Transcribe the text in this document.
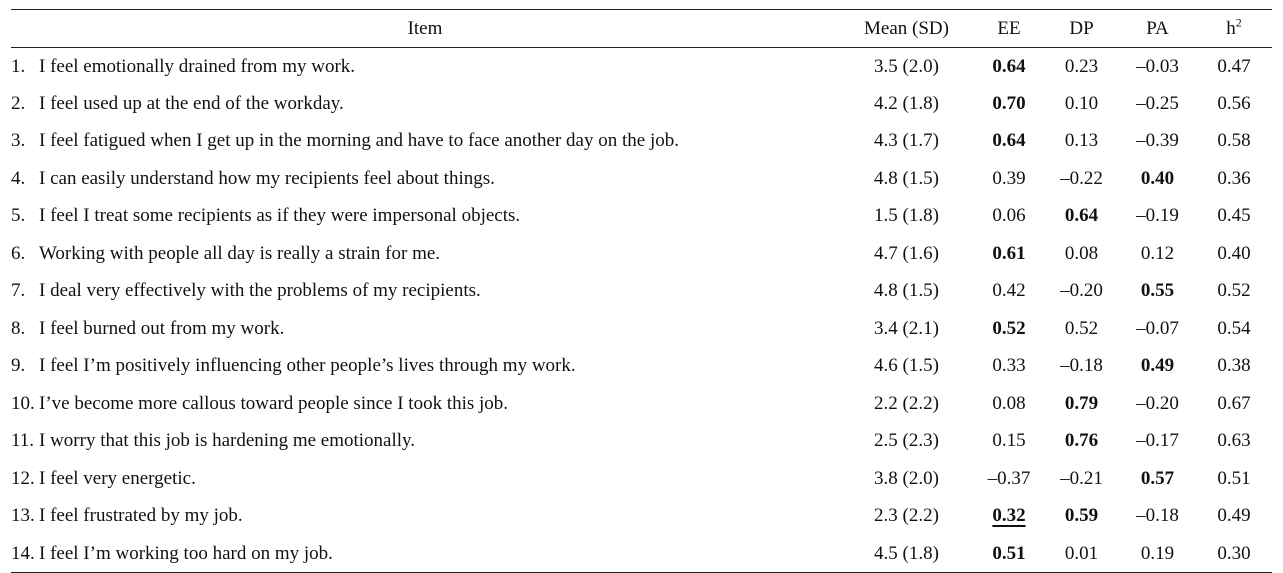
Item	Mean (SD)	EE	DP	PA	$h^2$
1. I feel emotionally drained from my work.	3.5 (2.0)	0.64	0.23	–0.03	0.47
2. I feel used up at the end of the workday.	4.2 (1.8)	0.70	0.10	–0.25	0.56
3. I feel fatigued when I get up in the morning and have to face another day on the job.	4.3 (1.7)	0.64	0.13	–0.39	0.58
4. I can easily understand how my recipients feel about things.	4.8 (1.5)	0.39	–0.22	0.40	0.36
5. I feel I treat some recipients as if they were impersonal objects.	1.5 (1.8)	0.06	0.64	–0.19	0.45
6. Working with people all day is really a strain for me.	4.7 (1.6)	0.61	0.08	0.12	0.40
7. I deal very effectively with the problems of my recipients.	4.8 (1.5)	0.42	–0.20	0.55	0.52
8. I feel burned out from my work.	3.4 (2.1)	0.52	0.52	–0.07	0.54
9. I feel I’m positively influencing other people’s lives through my work.	4.6 (1.5)	0.33	–0.18	0.49	0.38
10. I’ve become more callous toward people since I took this job.	2.2 (2.2)	0.08	0.79	–0.20	0.67
11. I worry that this job is hardening me emotionally.	2.5 (2.3)	0.15	0.76	–0.17	0.63
12. I feel very energetic.	3.8 (2.0)	–0.37	–0.21	0.57	0.51
13. I feel frustrated by my job.	2.3 (2.2)	0.32	0.59	–0.18	0.49
14. I feel I’m working too hard on my job.	4.5 (1.8)	0.51	0.01	0.19	0.30
